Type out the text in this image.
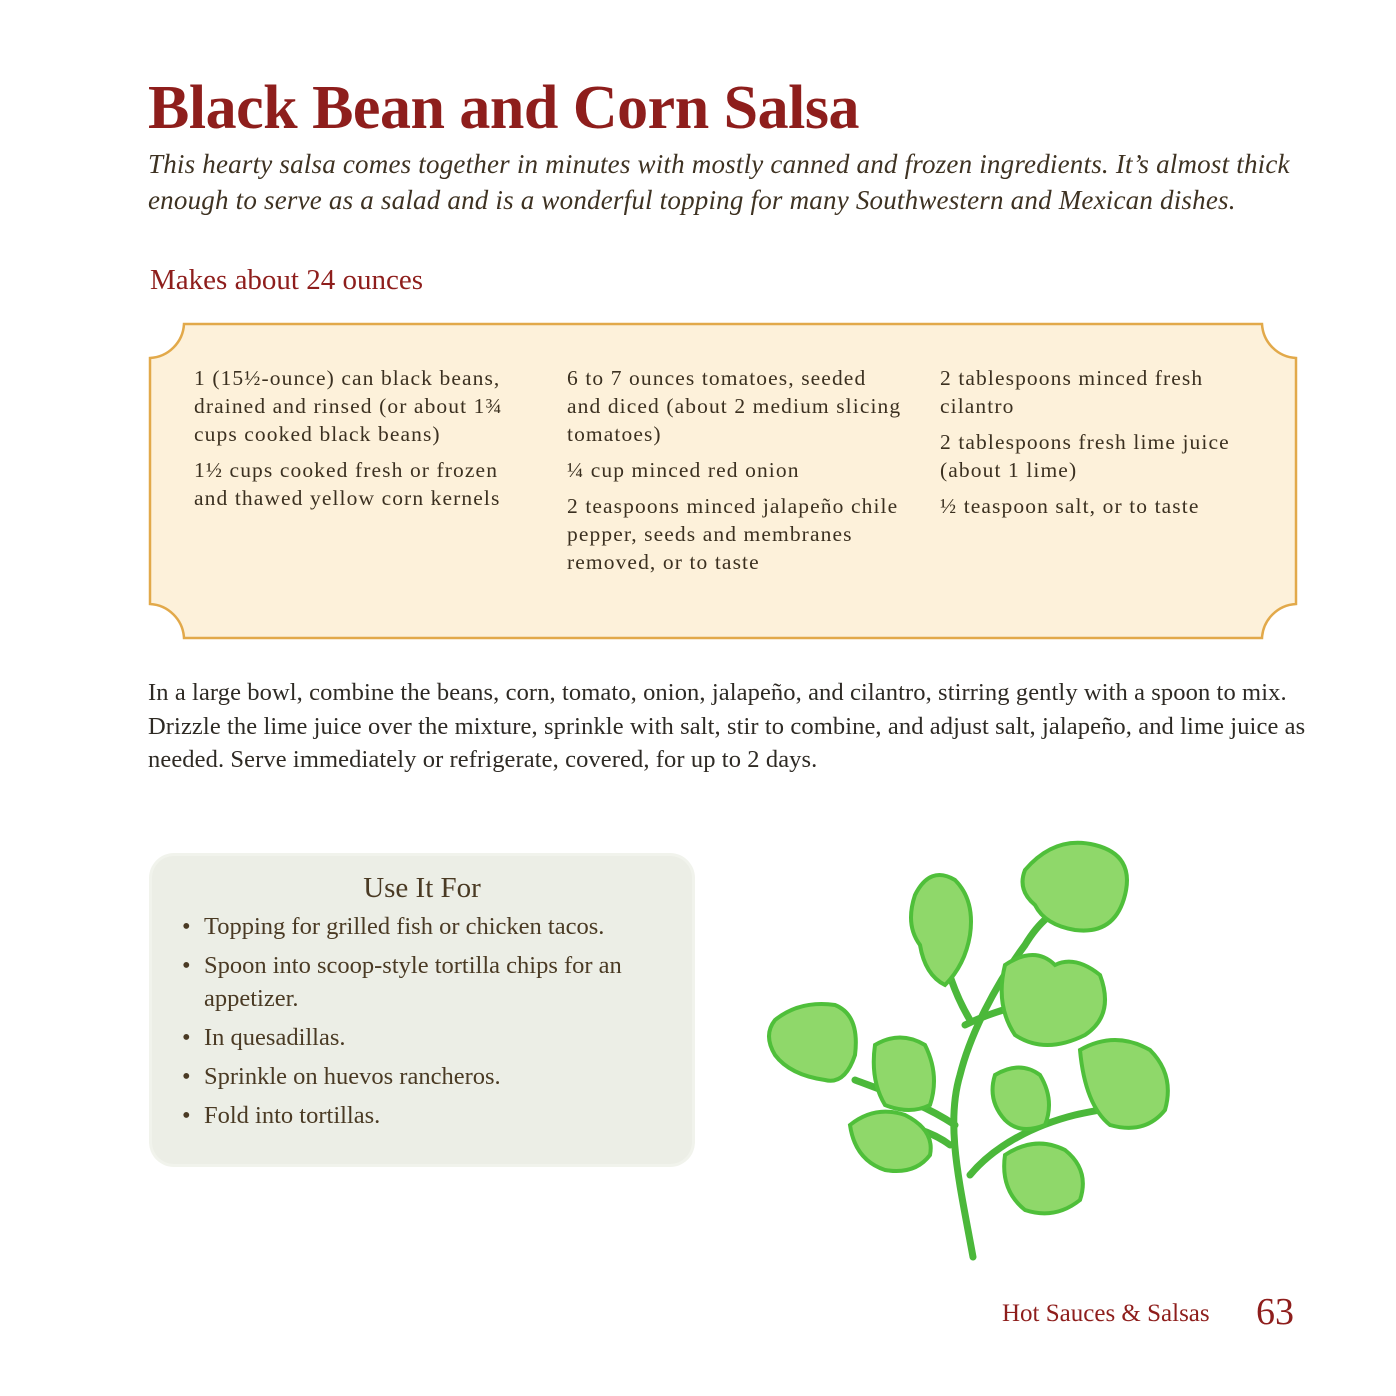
Black Bean and Corn Salsa
This hearty salsa comes together in minutes with mostly canned and frozen ingredients. It’s almost thick enough to serve as a salad and is a wonderful topping for many Southwestern and Mexican dishes.
Makes about 24 ounces

1 (15½-ounce) can black beans, drained and rinsed (or about 1¾ cups cooked black beans)

1½ cups cooked fresh or frozen and thawed yellow corn kernels

6 to 7 ounces tomatoes, seeded and diced (about 2 medium slicing tomatoes)

¼ cup minced red onion

2 teaspoons minced jalapeño chile pepper, seeds and membranes removed, or to taste

2 tablespoons minced fresh cilantro

2 tablespoons fresh lime juice (about 1 lime)

½ teaspoon salt, or to taste

In a large bowl, combine the beans, corn, tomato, onion, jalapeño, and cilantro, stirring gently with a spoon to mix. Drizzle the lime juice over the mixture, sprinkle with salt, stir to combine, and adjust salt, jalapeño, and lime juice as needed. Serve immediately or refrigerate, covered, for up to 2 days.
Use It For
• Topping for grilled fish or chicken tacos.
• Spoon into scoop-style tortilla chips for an appetizer.
• In quesadillas.
• Sprinkle on huevos rancheros.
• Fold into tortillas.
Hot Sauces & Salsas 63
